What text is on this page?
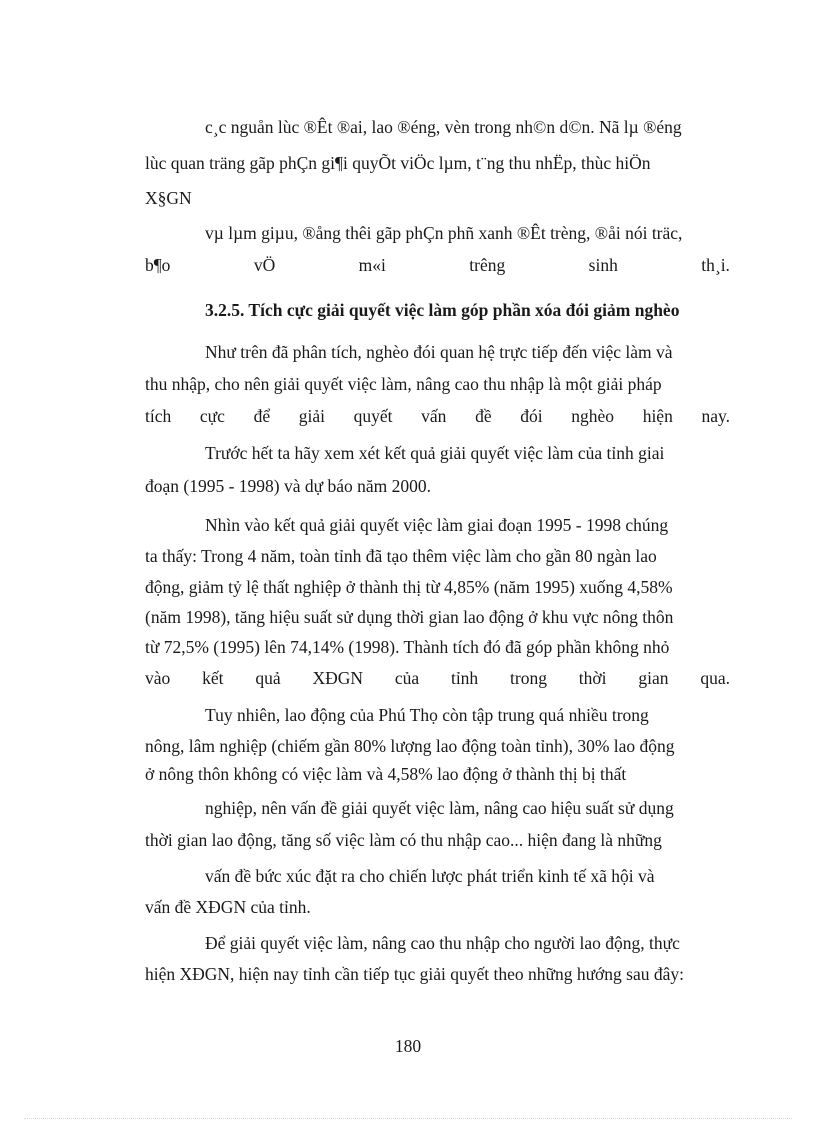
c¸c nguån lùc ®Êt ®ai, lao ®éng, vèn trong nh©n d©n. Nã lµ ®éng
lùc quan träng gãp phÇn gi¶i quyÕt viÖc lµm, t¨ng thu nhËp, thùc hiÖn
X§GN
vµ lµm giµu, ®ång thêi gãp phÇn phñ xanh ®Êt trèng, ®åi nói träc,
b¶o	vÖ	m«i	trêng	sinh	th¸i.
3.2.5. Tích cực giải quyết việc làm góp phần xóa đói giảm nghèo
Như trên đã phân tích, nghèo đói quan hệ trực tiếp đến việc làm và
thu nhập, cho nên giải quyết việc làm, nâng cao thu nhập là một giải pháp
tích cực để giải quyết vấn đề đói nghèo hiện nay.
Trước hết ta hãy xem xét kết quả giải quyết việc làm của tỉnh giai
đoạn (1995 - 1998) và dự báo năm 2000.
Nhìn vào kết quả giải quyết việc làm giai đoạn 1995 - 1998 chúng
ta thấy: Trong 4 năm, toàn tỉnh đã tạo thêm việc làm cho gần 80 ngàn lao
động, giảm tỷ lệ thất nghiệp ở thành thị từ 4,85% (năm 1995) xuống 4,58%
(năm 1998), tăng hiệu suất sử dụng thời gian lao động ở khu vực nông thôn
từ 72,5% (1995) lên 74,14% (1998). Thành tích đó đã góp phần không nhỏ
vào kết quả XĐGN của tỉnh trong thời gian qua.
Tuy nhiên, lao động của Phú Thọ còn tập trung quá nhiều trong
nông, lâm nghiệp (chiếm gần 80% lượng lao động toàn tỉnh), 30% lao động
ở nông thôn không có việc làm và 4,58% lao động ở thành thị bị thất
nghiệp, nên vấn đề giải quyết việc làm, nâng cao hiệu suất sử dụng
thời gian lao động, tăng số việc làm có thu nhập cao... hiện đang là những
vấn đề bức xúc đặt ra cho chiến lược phát triển kinh tế xã hội và
vấn đề XĐGN của tỉnh.
Để giải quyết việc làm, nâng cao thu nhập cho người lao động, thực
hiện XĐGN, hiện nay tỉnh cần tiếp tục giải quyết theo những hướng sau đây:
180
